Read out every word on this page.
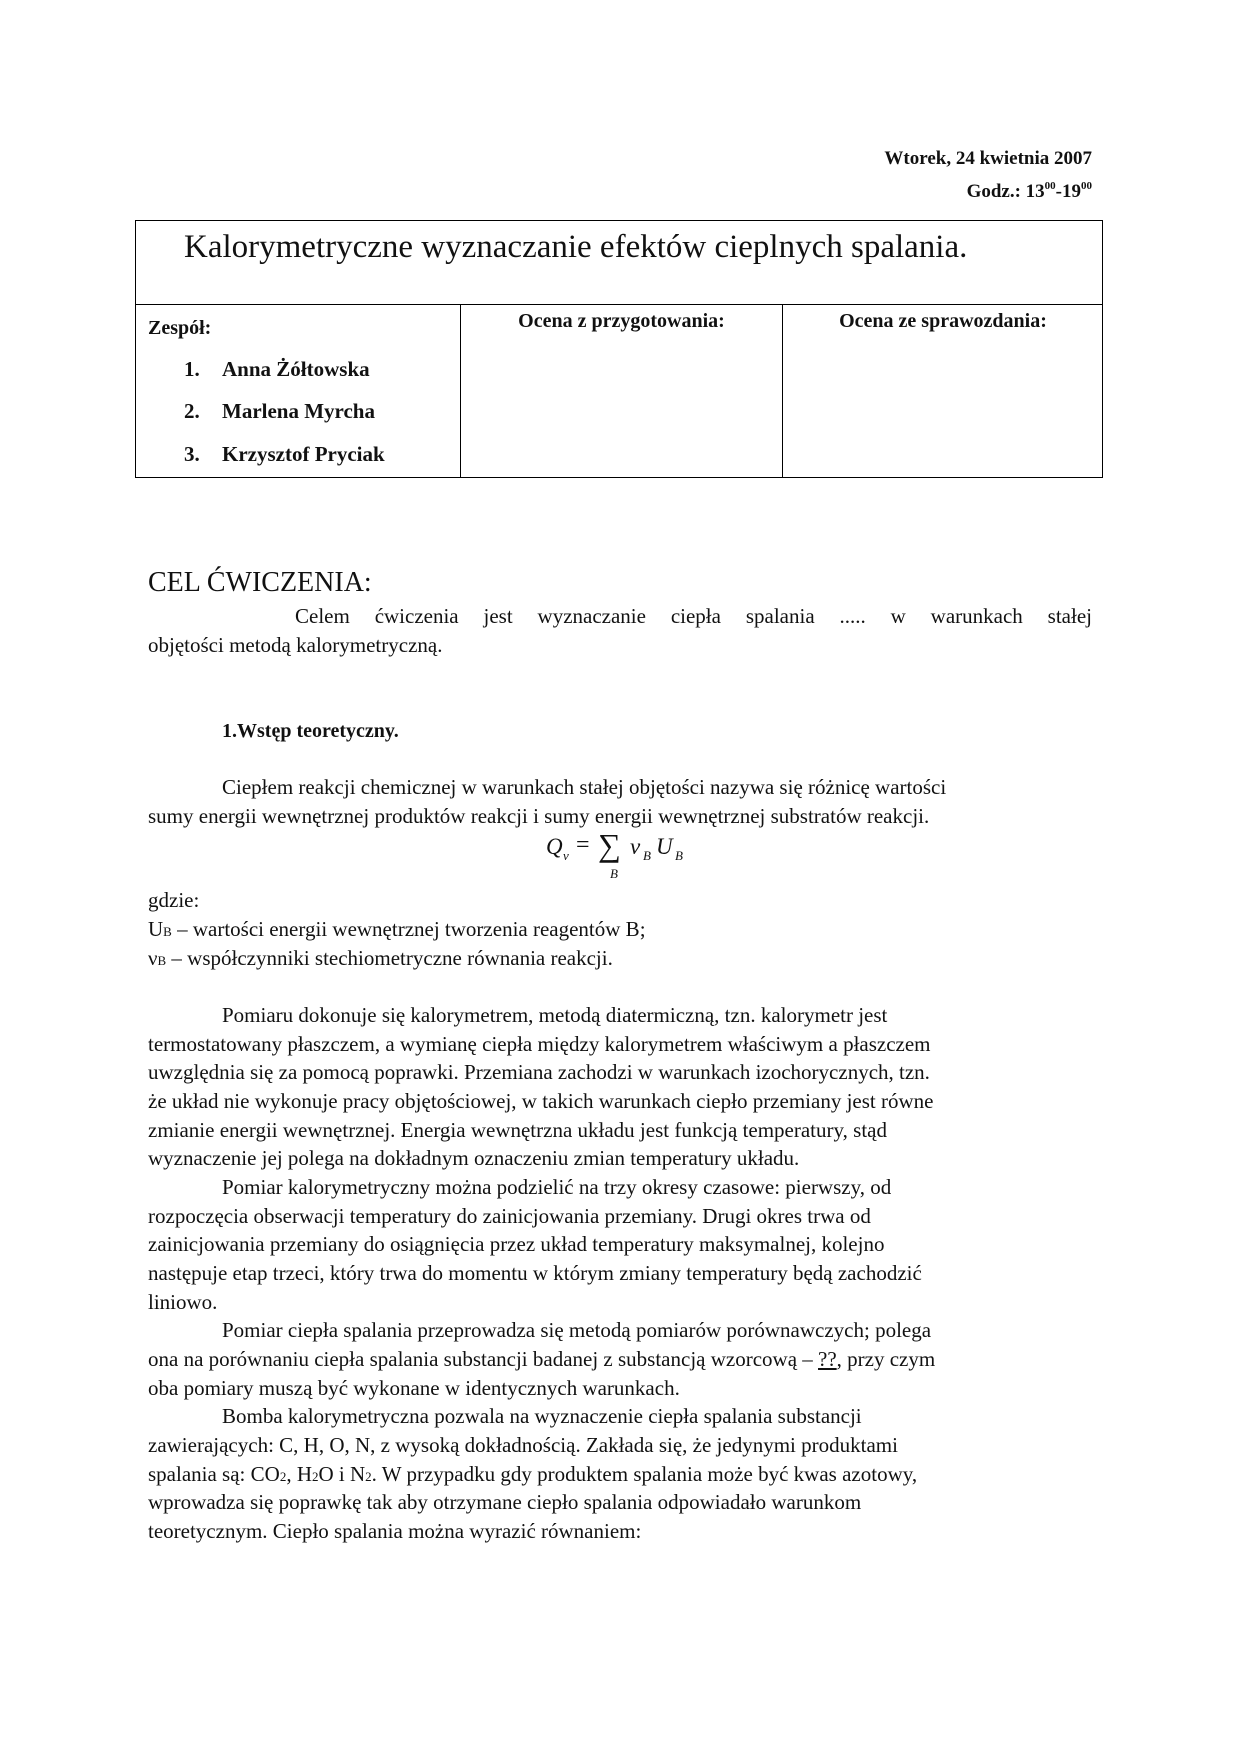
Wtorek, 24 kwietnia 2007
Godz.: $13^{00}-19^{00}$
Kalorymetryczne wyznaczanie efektów cieplnych spalania.
Zespół:
1. Anna Żółtowska
2. Marlena Myrcha
3. Krzysztof Pryciak
Ocena z przygotowania:	Ocena ze sprawozdania:
CEL ĆWICZENIA:
Celem ćwiczenia jest wyznaczanie ciepła spalania ..... w warunkach stałej
objętości metodą kalorymetryczną.
1.Wstęp teoretyczny.
Ciepłem reakcji chemicznej w warunkach stałej objętości nazywa się różnicę wartości
sumy energii wewnętrznej produktów reakcji i sumy energii wewnętrznej substratów reakcji.
Q v = ∑
B
ν B U B
gdzie:
UB – wartości energii wewnętrznej tworzenia reagentów B;
νB – współczynniki stechiometryczne równania reakcji.
Pomiaru dokonuje się kalorymetrem, metodą diatermiczną, tzn. kalorymetr jest
termostatowany płaszczem, a wymianę ciepła między kalorymetrem właściwym a płaszczem
uwzględnia się za pomocą poprawki. Przemiana zachodzi w warunkach izochorycznych, tzn.
że układ nie wykonuje pracy objętościowej, w takich warunkach ciepło przemiany jest równe
zmianie energii wewnętrznej. Energia wewnętrzna układu jest funkcją temperatury, stąd
wyznaczenie jej polega na dokładnym oznaczeniu zmian temperatury układu.
Pomiar kalorymetryczny można podzielić na trzy okresy czasowe: pierwszy, od
rozpoczęcia obserwacji temperatury do zainicjowania przemiany. Drugi okres trwa od
zainicjowania przemiany do osiągnięcia przez układ temperatury maksymalnej, kolejno
następuje etap trzeci, który trwa do momentu w którym zmiany temperatury będą zachodzić
liniowo.
Pomiar ciepła spalania przeprowadza się metodą pomiarów porównawczych; polega
ona na porównaniu ciepła spalania substancji badanej z substancją wzorcową – ??, przy czym
oba pomiary muszą być wykonane w identycznych warunkach.
Bomba kalorymetryczna pozwala na wyznaczenie ciepła spalania substancji
zawierających: C, H, O, N, z wysoką dokładnością. Zakłada się, że jedynymi produktami
spalania są: CO2, H2O i N2. W przypadku gdy produktem spalania może być kwas azotowy,
wprowadza się poprawkę tak aby otrzymane ciepło spalania odpowiadało warunkom
teoretycznym. Ciepło spalania można wyrazić równaniem:
